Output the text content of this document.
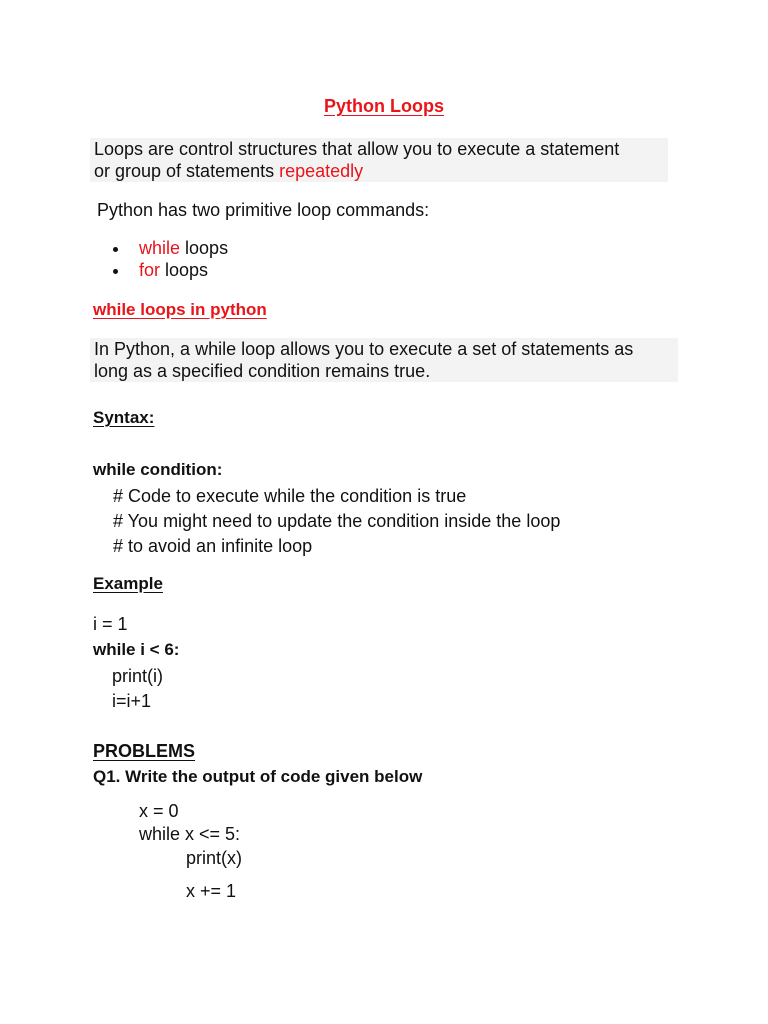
Python Loops
Loops are control structures that allow you to execute a statement
or group of statements repeatedly
Python has two primitive loop commands:
while loops
for loops
while loops in python
In Python, a while loop allows you to execute a set of statements as
long as a specified condition remains true.
Syntax:
while condition:
# Code to execute while the condition is true
# You might need to update the condition inside the loop
# to avoid an infinite loop
Example
i = 1
while i < 6:
print(i)
i=i+1
PROBLEMS
Q1. Write the output of code given below
x = 0
while x <= 5:
print(x)
x += 1
